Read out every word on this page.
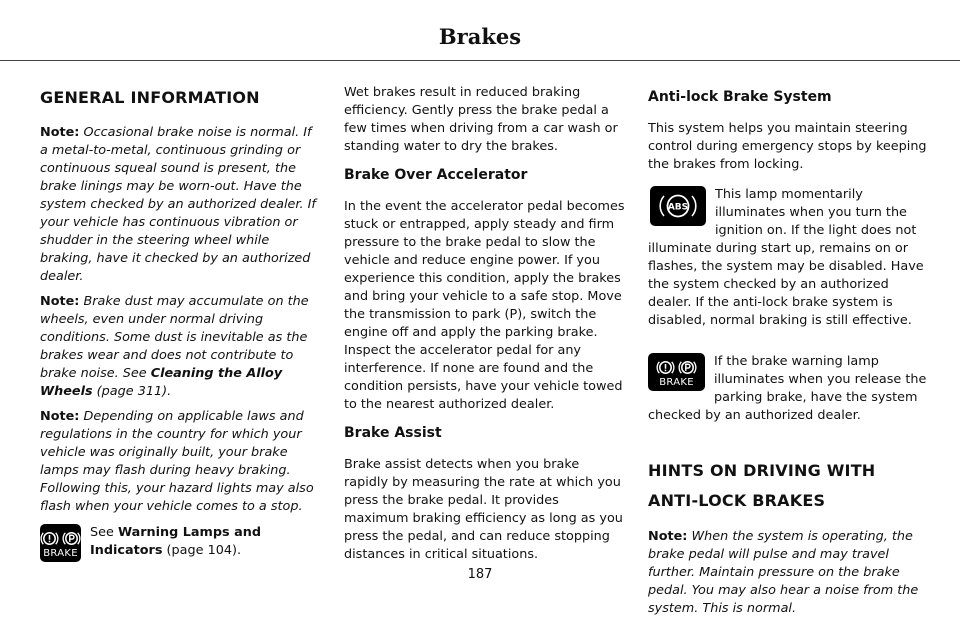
Brakes
GENERAL INFORMATION

Note: Occasional brake noise is normal. If a metal-to-metal, continuous grinding or continuous squeal sound is present, the brake linings may be worn-out. Have the system checked by an authorized dealer. If your vehicle has continuous vibration or shudder in the steering wheel while braking, have it checked by an authorized dealer.

Note: Brake dust may accumulate on the wheels, even under normal driving conditions. Some dust is inevitable as the brakes wear and does not contribute to brake noise. See Cleaning the Alloy Wheels (page 311).

Note: Depending on applicable laws and regulations in the country for which your vehicle was originally built, your brake lamps may flash during heavy braking. Following this, your hazard lights may also flash when your vehicle comes to a stop.

BRAKE
See Warning Lamps and Indicators (page 104).

Wet brakes result in reduced braking efficiency. Gently press the brake pedal a few times when driving from a car wash or standing water to dry the brakes.

Brake Over Accelerator

In the event the accelerator pedal becomes stuck or entrapped, apply steady and firm pressure to the brake pedal to slow the vehicle and reduce engine power. If you experience this condition, apply the brakes and bring your vehicle to a safe stop. Move the transmission to park (P), switch the engine off and apply the parking brake. Inspect the accelerator pedal for any interference. If none are found and the condition persists, have your vehicle towed to the nearest authorized dealer.

Brake Assist

Brake assist detects when you brake rapidly by measuring the rate at which you press the brake pedal. It provides maximum braking efficiency as long as you press the pedal, and can reduce stopping distances in critical situations.

Anti-lock Brake System

This system helps you maintain steering control during emergency stops by keeping the brakes from locking.

ABS

This lamp momentarily illuminates when you turn the ignition on. If the light does not illuminate during start up, remains on or flashes, the system may be disabled. Have the system checked by an authorized dealer. If the anti-lock brake system is disabled, normal braking is still effective.

BRAKE

If the brake warning lamp illuminates when you release the parking brake, have the system checked by an authorized dealer.

HINTS ON DRIVING WITH ANTI-LOCK BRAKES

Note: When the system is operating, the brake pedal will pulse and may travel further. Maintain pressure on the brake pedal. You may also hear a noise from the system. This is normal.

187
